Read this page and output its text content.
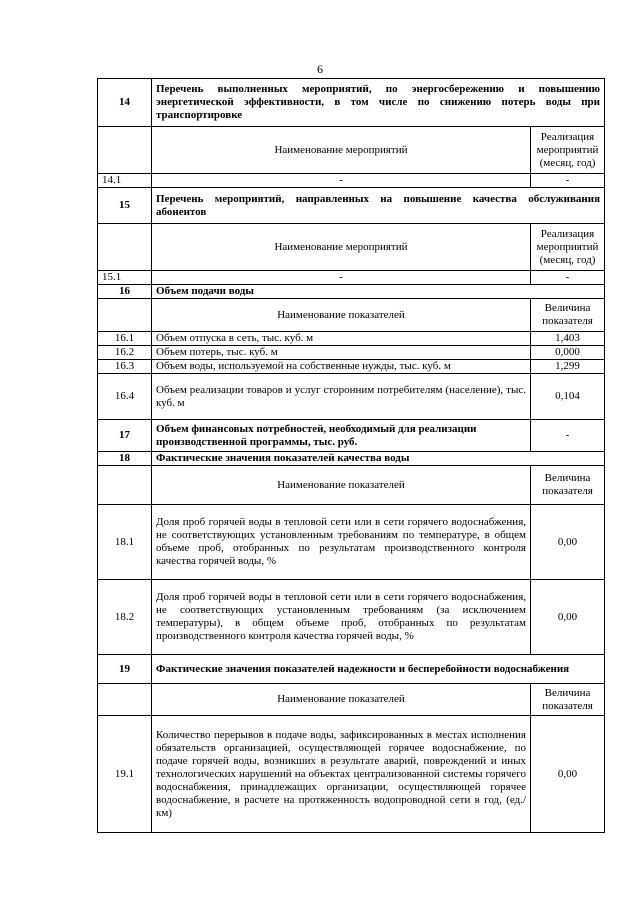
6
14	Перечень выполненных мероприятий, по энергосбережению и повышению энергетической эффективности, в том числе по снижению потерь воды при транспортировке	
	Наименование мероприятий	Реализация мероприятий (месяц, год)
14.1	-	-
15	Перечень мероприятий, направленных на повышение качества обслуживания абонентов	
	Наименование мероприятий	Реализация мероприятий (месяц, год)
15.1	-	-
16	Объем подачи воды	
	Наименование показателей	Величина показателя
16.1	Объем отпуска в сеть, тыс. куб. м	1,403
16.2	Объем потерь, тыс. куб. м	0,000
16.3	Объем воды, используемой на собственные нужды, тыс. куб. м	1,299
16.4	Объем реализации товаров и услуг сторонним потребителям (население), тыс. куб. м	0,104
17	Объем финансовых потребностей, необходимый для реализации производственной программы, тыс. руб.	-
18	Фактические значения показателей качества воды	
	Наименование показателей	Величина показателя
18.1	Доля проб горячей воды в тепловой сети или в сети горячего водоснабжения, не соответствующих установленным требованиям по температуре, в общем объеме проб, отобранных по результатам производственного контроля качества горячей воды, %	0,00
18.2	Доля проб горячей воды в тепловой сети или в сети горячего водоснабжения, не соответствующих установленным требованиям (за исключением температуры), в общем объеме проб, отобранных по результатам производственного контроля качества горячей воды, %	0,00
19	Фактические значения показателей надежности и бесперебойности водоснабжения	
	Наименование показателей	Величина показателя
19.1	Количество перерывов в подаче воды, зафиксированных в местах исполнения обязательств организацией, осуществляющей горячее водоснабжение, по подаче горячей воды, возникших в результате аварий, повреждений и иных технологических нарушений на объектах централизованной системы горячего водоснабжения, принадлежащих организации, осуществляющей горячее водоснабжение, в расчете на протяженность водопроводной сети в год, (ед./км)	0,00
